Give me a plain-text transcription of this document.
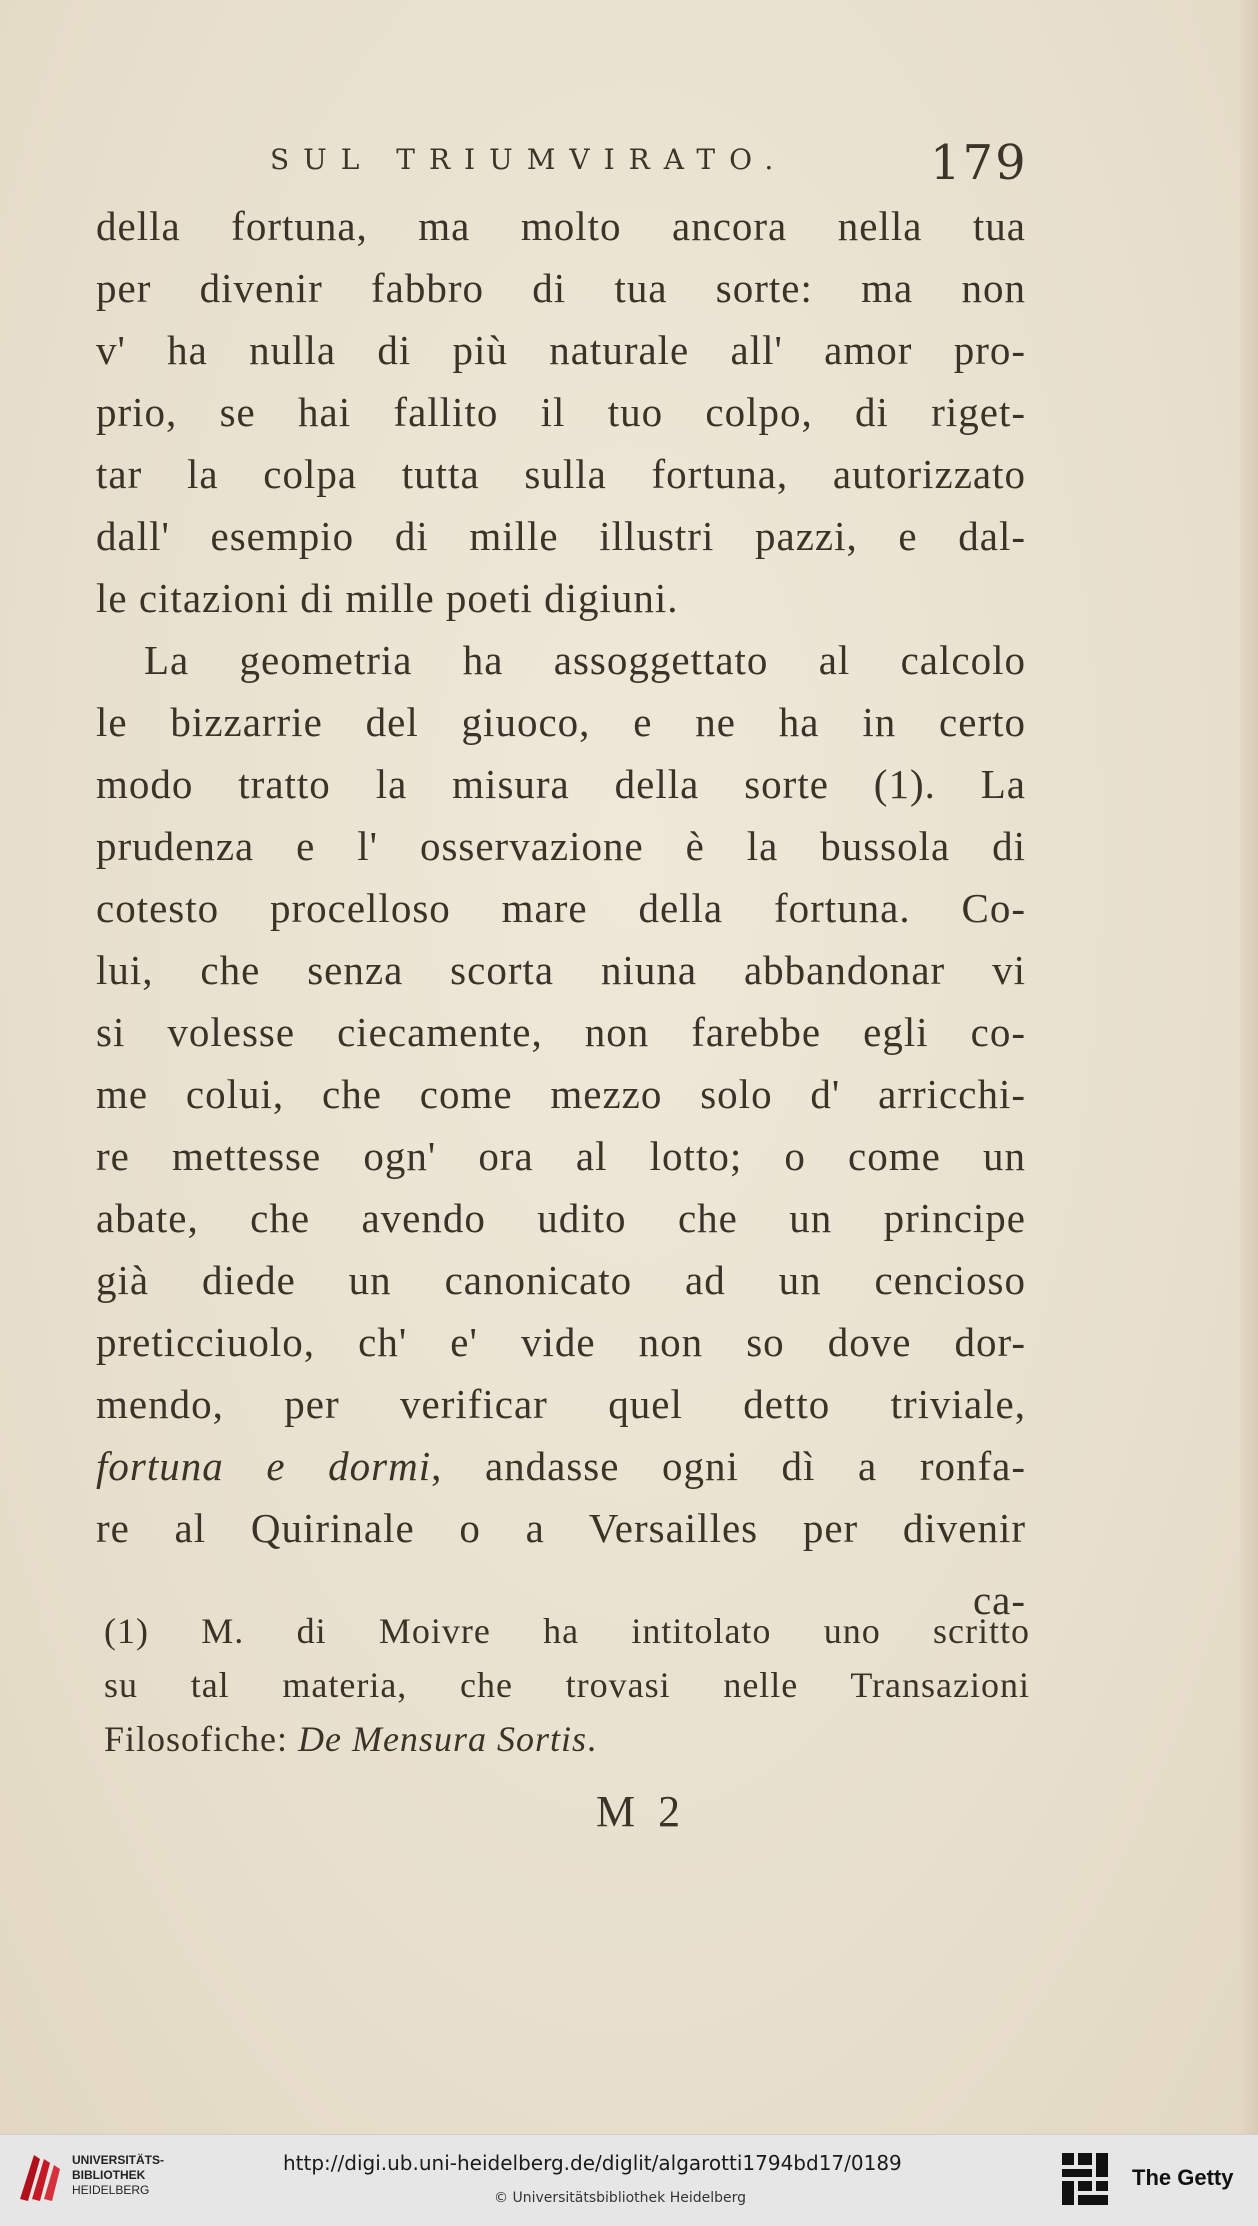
SUL TRIUMVIRATO.	179
della fortuna, ma molto ancora nella tua
per divenir fabbro di tua sorte: ma non
v' ha nulla di più naturale all' amor pro-
prio, se hai fallito il tuo colpo, di riget-
tar la colpa tutta sulla fortuna, autorizzato
dall' esempio di mille illustri pazzi, e dal-
le citazioni di mille poeti digiuni.
La geometria ha assoggettato al calcolo
le bizzarrie del giuoco, e ne ha in certo
modo tratto la misura della sorte (1). La
prudenza e l' osservazione è la bussola di
cotesto procelloso mare della fortuna. Co-
lui, che senza scorta niuna abbandonar vi
si volesse ciecamente, non farebbe egli co-
me colui, che come mezzo solo d' arricchi-
re mettesse ogn' ora al lotto; o come un
abate, che avendo udito che un principe
già diede un canonicato ad un cencioso
preticciuolo, ch' e' vide non so dove dor-
mendo, per verificar quel detto triviale,
fortuna e dormi, andasse ogni dì a ronfa-
re al Quirinale o a Versailles per divenir
ca-
(1) M. di Moivre ha intitolato uno scritto
su tal materia, che trovasi nelle Transazioni
Filosofiche: De Mensura Sortis.
M 2
UNIVERSITÄTS-
BIBLIOTHEK
HEIDELBERG
http://digi.ub.uni-heidelberg.de/diglit/algarotti1794bd17/0189
© Universitätsbibliothek Heidelberg
The Getty
